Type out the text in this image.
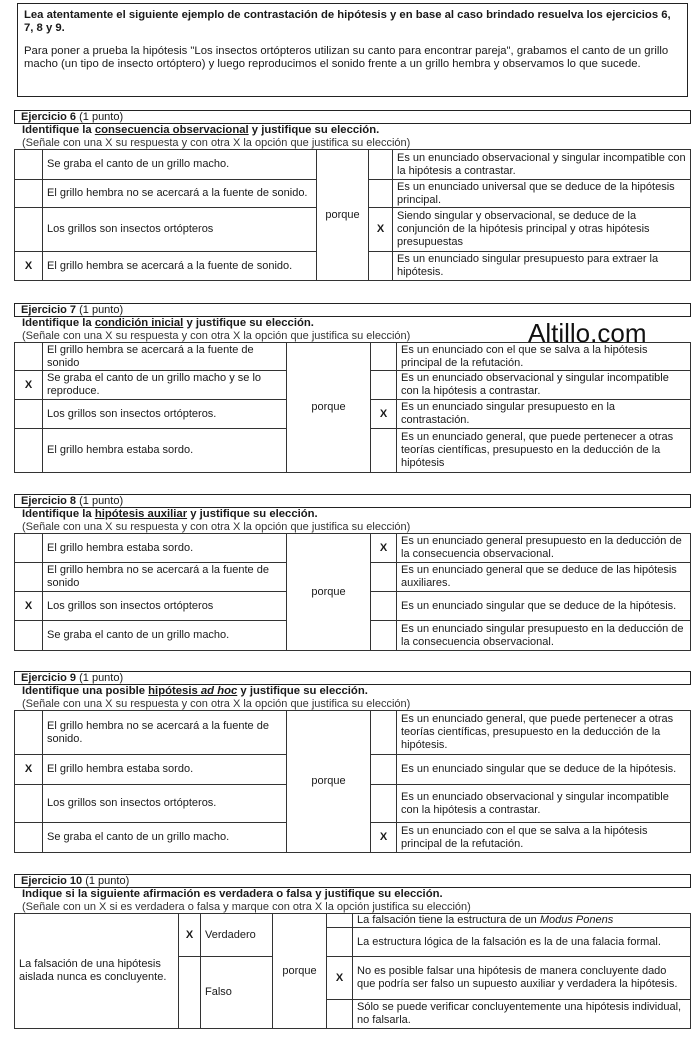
Lea atentamente el siguiente ejemplo de contrastación de hipótesis y en base al caso brindado resuelva los ejercicios 6, 7, 8 y 9.

Para poner a prueba la hipótesis "Los insectos ortópteros utilizan su canto para encontrar pareja", grabamos el canto de un grillo macho (un tipo de insecto ortóptero) y luego reproducimos el sonido frente a un grillo hembra y observamos lo que sucede.

Altillo.com
Ejercicio 6 (1 punto)
Identifique la consecuencia observacional y justifique su elección.
(Señale con una X su respuesta y con otra X la opción que justifica su elección)
	Se graba el canto de un grillo macho.	porque		Es un enunciado observacional y singular incompatible con la hipótesis a contrastar.
	El grillo hembra no se acercará a la fuente de sonido.			Es un enunciado universal que se deduce de la hipótesis principal.
	Los grillos son insectos ortópteros		X	Siendo singular y observacional, se deduce de la conjunción de la hipótesis principal y otras hipótesis presupuestas
X	El grillo hembra se acercará a la fuente de sonido.			Es un enunciado singular presupuesto para extraer la hipótesis.
Ejercicio 7 (1 punto)
Identifique la condición inicial y justifique su elección.
(Señale con una X su respuesta y con otra X la opción que justifica su elección)
	El grillo hembra se acercará a la fuente de sonido	porque		Es un enunciado con el que se salva a la hipótesis principal de la refutación.
X	Se graba el canto de un grillo macho y se lo reproduce.			Es un enunciado observacional y singular incompatible con la hipótesis a contrastar.
	Los grillos son insectos ortópteros.		X	Es un enunciado singular presupuesto en la contrastación.
	El grillo hembra estaba sordo.			Es un enunciado general, que puede pertenecer a otras teorías científicas, presupuesto en la deducción de la hipótesis
Ejercicio 8 (1 punto)
Identifique la hipótesis auxiliar y justifique su elección.
(Señale con una X su respuesta y con otra X la opción que justifica su elección)
	El grillo hembra estaba sordo.	porque	X	Es un enunciado general presupuesto en la deducción de la consecuencia observacional.
	El grillo hembra no se acercará a la fuente de sonido			Es un enunciado general que se deduce de las hipótesis auxiliares.
X	Los grillos son insectos ortópteros			Es un enunciado singular que se deduce de la hipótesis.
	Se graba el canto de un grillo macho.			Es un enunciado singular presupuesto en la deducción de la consecuencia observacional.
Ejercicio 9 (1 punto)
Identifique una posible hipótesis ad hoc y justifique su elección.
(Señale con una X su respuesta y con otra X la opción que justifica su elección)
	El grillo hembra no se acercará a la fuente de sonido.	porque		Es un enunciado general, que puede pertenecer a otras teorías científicas, presupuesto en la deducción de la hipótesis.
X	El grillo hembra estaba sordo.			Es un enunciado singular que se deduce de la hipótesis.
	Los grillos son insectos ortópteros.			Es un enunciado observacional y singular incompatible con la hipótesis a contrastar.
	Se graba el canto de un grillo macho.		X	Es un enunciado con el que se salva a la hipótesis principal de la refutación.
Ejercicio 10 (1 punto)
Indique si la siguiente afirmación es verdadera o falsa y justifique su elección.
(Señale con un X si es verdadera o falsa y marque con otra X la opción justifica su elección)
La falsación de una hipótesis aislada nunca es concluyente.	X	Verdadero	porque		La falsación tiene la estructura de un Modus Ponens
					La estructura lógica de la falsación es la de una falacia formal.
		Falso		X	No es posible falsar una hipótesis de manera concluyente dado que podría ser falso un supuesto auxiliar y verdadera la hipótesis.
					Sólo se puede verificar concluyentemente una hipótesis individual, no falsarla.
